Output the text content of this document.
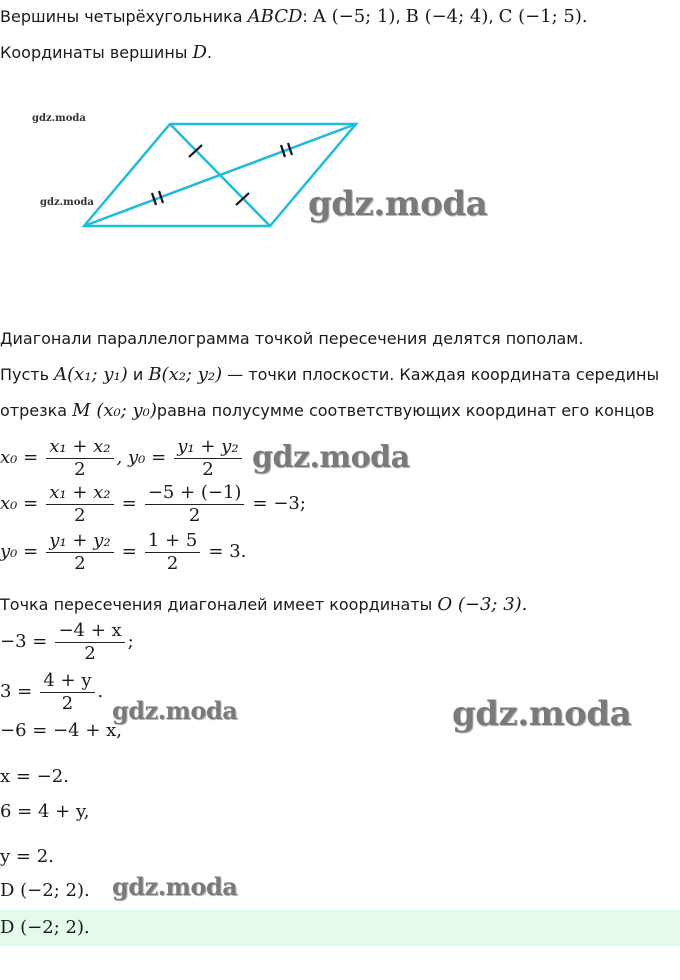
Вершины четырёхугольника ABCD: A (−5; 1), B (−4; 4), C (−1; 5).
Координаты вершины D.
gdz.moda
gdz.moda	gdz.moda
Диагонали параллелограмма точкой пересечения делятся пополам.
Пусть A(x₁; y₁) и B(x₂; y₂) — точки плоскости. Каждая координата середины
отрезка M (x₀; y₀)равна полусумме соответствующих координат его концов
$x_0 = \frac{\text{x₁ + x₂}}{2}$ , $y_0 = \frac{\text{y₁ + y₂}}{2}$ gdz.moda
$x_0 = \frac{\text{x₁ + x₂}}{2} = \frac{-5 + (-1)}{2} = -3$;
$y_0 = \frac{\text{y₁ + y₂}}{2} = \frac{1 + 5}{2} = 3$.
Точка пересечения диагоналей имеет координаты O (−3; 3).
$-3 = \frac{-4 + x}{2}$ ;
$3 = \frac{4 + y}{2}$ .
gdz.moda	gdz.moda
−6 = −4 + x,
x = −2.
6 = 4 + y,
y = 2.
D (−2; 2). gdz.moda
D (−2; 2).
